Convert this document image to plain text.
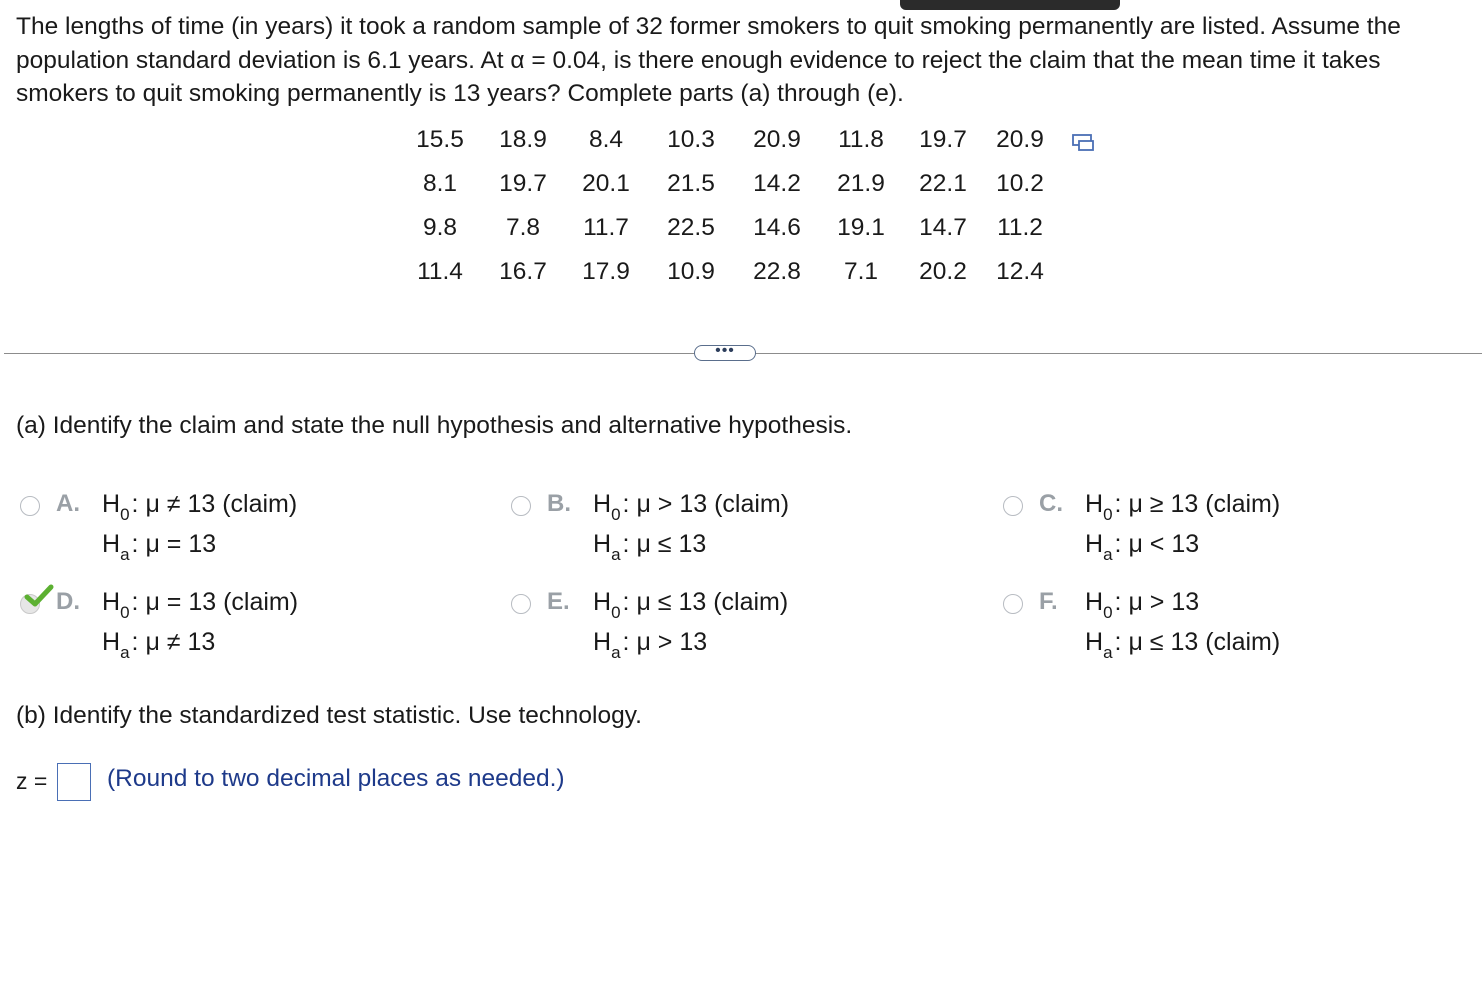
The lengths of time (in years) it took a random sample of 32 former smokers to quit smoking permanently are listed. Assume the
population standard deviation is 6.1 years. At α = 0.04, is there enough evidence to reject the claim that the mean time it takes
smokers to quit smoking permanently is 13 years? Complete parts (a) through (e).
15.5	18.9	8.4	10.3	20.9	11.8	19.7	20.9
8.1	19.7	20.1	21.5	14.2	21.9	22.1	10.2
9.8	7.8	11.7	22.5	14.6	19.1	14.7	11.2
11.4	16.7	17.9	10.9	22.8	7.1	20.2	12.4
•••
(a) Identify the claim and state the null hypothesis and alternative hypothesis.
A. $H_0$: μ ≠ 13 (claim)
$H_a$: μ = 13
B. $H_0$: μ > 13 (claim)
$H_a$: μ ≤ 13
C. $H_0$: μ ≥ 13 (claim)
$H_a$: μ < 13
D. $H_0$: μ = 13 (claim)
$H_a$: μ ≠ 13
E. $H_0$: μ ≤ 13 (claim)
$H_a$: μ > 13
F. $H_0$: μ > 13
$H_a$: μ ≤ 13 (claim)
(b) Identify the standardized test statistic. Use technology.
z = (Round to two decimal places as needed.)
